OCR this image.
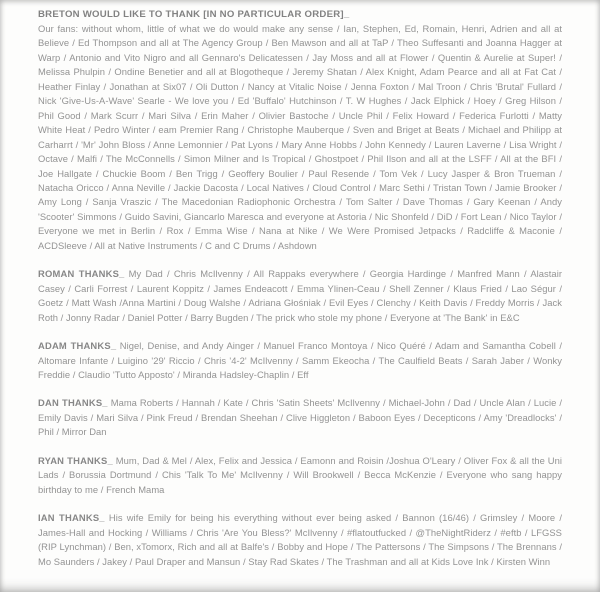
BRETON WOULD LIKE TO THANK [IN NO PARTICULAR ORDER]_

Our fans: without whom, little of what we do would make any sense / Ian, Stephen, Ed, Romain, Henri, Adrien and all at Believe / Ed Thompson and all at The Agency Group / Ben Mawson and all at TaP / Theo Suffesanti and Joanna Hagger at Warp / Antonio and Vito Nigro and all Gennaro's Delicatessen / Jay Moss and all at Flower / Quentin & Aurelie at Super! / Melissa Phulpin / Ondine Benetier and all at Blogotheque / Jeremy Shatan / Alex Knight, Adam Pearce and all at Fat Cat / Heather Finlay / Jonathan at Six07 / Oli Dutton / Nancy at Vitalic Noise / Jenna Foxton / Mal Troon / Chris 'Brutal' Fullard / Nick 'Give-Us-A-Wave' Searle - We love you / Ed 'Buffalo' Hutchinson / T. W Hughes / Jack Elphick / Hoey / Greg Hilson / Phil Good / Mark Scurr / Mari Silva / Erin Maher / Olivier Bastoche / Uncle Phil / Felix Howard / Federica Furlotti / Matty White Heat / Pedro Winter / eam Premier Rang / Christophe Mauberque / Sven and Briget at Beats / Michael and Philipp at Carharrt / 'Mr' John Bloss / Anne Lemonnier / Pat Lyons / Mary Anne Hobbs / John Kennedy / Lauren Laverne / Lisa Wright / Octave / Malfi / The McConnells / Simon Milner and Is Tropical / Ghostpoet / Phil Ilson and all at the LSFF / All at the BFI / Joe Hallgate / Chuckie Boom / Ben Trigg / Geoffery Boulier / Paul Resende / Tom Vek / Lucy Jasper & Bron Trueman / Natacha Oricco / Anna Neville / Jackie Dacosta / Local Natives / Cloud Control / Marc Sethi / Tristan Town / Jamie Brooker / Amy Long / Sanja Vraszic / The Macedonian Radiophonic Orchestra / Tom Salter / Dave Thomas / Gary Keenan / Andy 'Scooter' Simmons / Guido Savini, Giancarlo Maresca and everyone at Astoria / Nic Shonfeld / DiD / Fort Lean / Nico Taylor / Everyone we met in Berlin / Rox / Emma Wise / Nana at Nike / We Were Promised Jetpacks / Radcliffe & Maconie / ACDSleeve / All at Native Instruments / C and C Drums / Ashdown

ROMAN THANKS_ My Dad / Chris McIlvenny / All Rappaks everywhere / Georgia Hardinge / Manfred Mann / Alastair Casey / Carli Forrest / Laurent Koppitz / James Endeacott / Emma Ylinen-Ceau / Shell Zenner / Klaus Fried / Lao Ségur / Goetz / Matt Wash /Anna Martini / Doug Walshe / Adriana Głośniak / Evil Eyes / Clenchy / Keith Davis / Freddy Morris / Jack Roth / Jonny Radar / Daniel Potter / Barry Bugden / The prick who stole my phone / Everyone at 'The Bank' in E&C

ADAM THANKS_ Nigel, Denise, and Andy Ainger / Manuel Franco Montoya / Nico Quéré / Adam and Samantha Cobell / Altomare Infante / Luigino '29' Riccio / Chris '4-2' McIlvenny / Samm Ekeocha / The Caulfield Beats / Sarah Jaber / Wonky Freddie / Claudio 'Tutto Apposto' / Miranda Hadsley-Chaplin / Eff

DAN THANKS_ Mama Roberts / Hannah / Kate / Chris 'Satin Sheets' McIlvenny / Michael-John / Dad / Uncle Alan / Lucie / Emily Davis / Mari Silva / Pink Freud / Brendan Sheehan / Clive Higgleton / Baboon Eyes / Decepticons / Amy 'Dreadlocks' / Phil / Mirror Dan

RYAN THANKS_ Mum, Dad & Mel / Alex, Felix and Jessica / Eamonn and Roisin /Joshua O'Leary / Oliver Fox & all the Uni Lads / Borussia Dortmund / Chis 'Talk To Me' McIlvenny / Will Brookwell / Becca McKenzie / Everyone who sang happy birthday to me / French Mama

IAN THANKS_ His wife Emily for being his everything without ever being asked / Bannon (16/46) / Grimsley / Moore / James-Hall and Hocking / Williams / Chris 'Are You Bless?' McIlvenny / #flatoutfucked / @TheNightRiderz / #eftb / LFGSS (RIP Lynchman) / Ben, xTomorx, Rich and all at Balfe's / Bobby and Hope / The Pattersons / The Simpsons / The Brennans / Mo Saunders / Jakey / Paul Draper and Mansun / Stay Rad Skates / The Trashman and all at Kids Love Ink / Kirsten Winn
